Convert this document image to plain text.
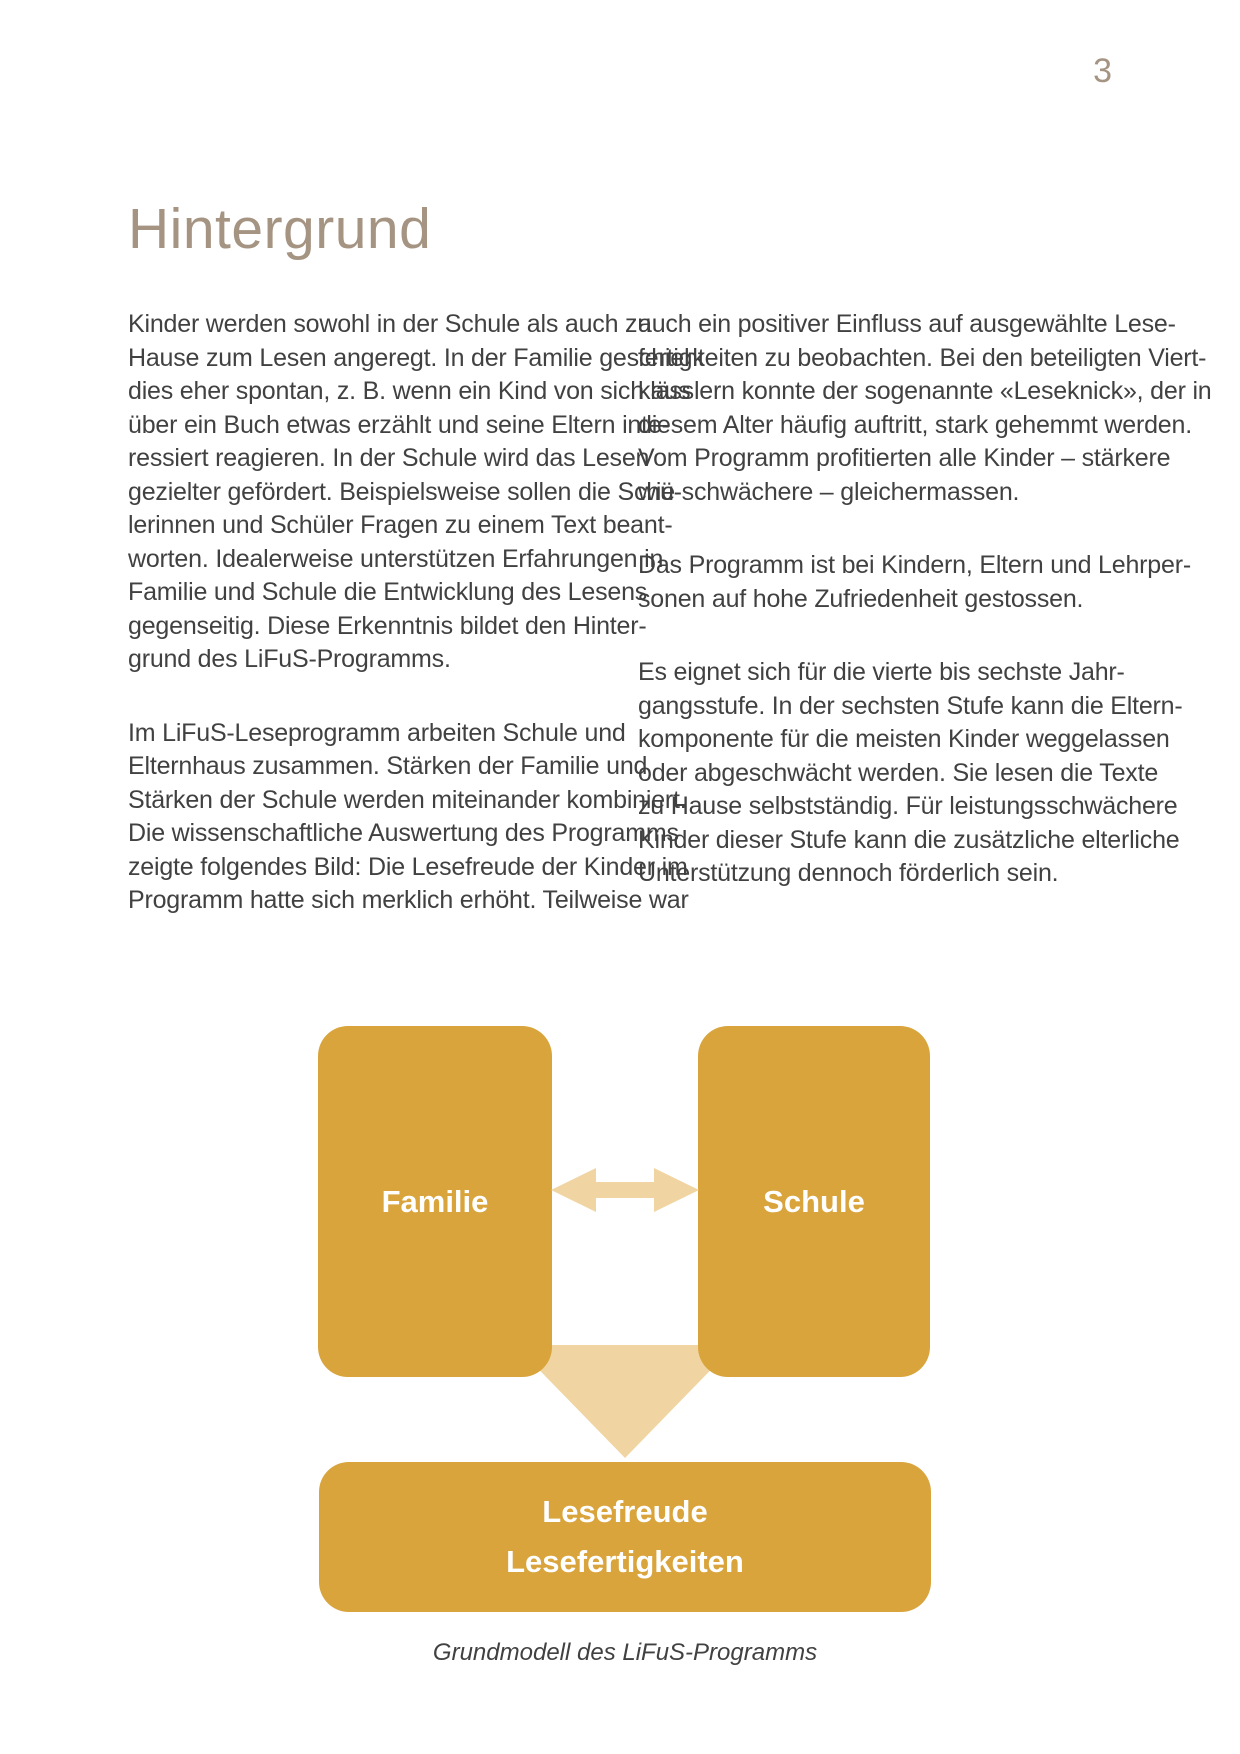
3
Hintergrund
Kinder werden sowohl in der Schule als auch zu
Hause zum Lesen angeregt. In der Familie geschieht
dies eher spontan, z. B. wenn ein Kind von sich aus
über ein Buch etwas erzählt und seine Eltern inte-
ressiert reagieren. In der Schule wird das Lesen
gezielter gefördert. Beispielsweise sollen die Schü-
lerinnen und Schüler Fragen zu einem Text beant-
worten. Idealerweise unterstützen Erfahrungen in
Familie und Schule die Entwicklung des Lesens
gegenseitig. Diese Erkenntnis bildet den Hinter-
grund des LiFuS-Programms.
Im LiFuS-Leseprogramm arbeiten Schule und
Elternhaus zusammen. Stärken der Familie und
Stärken der Schule werden miteinander kombiniert.
Die wissenschaftliche Auswertung des Programms
zeigte folgendes Bild: Die Lesefreude der Kinder im
Programm hatte sich merklich erhöht. Teilweise war
auch ein positiver Einfluss auf ausgewählte Lese-
fertigkeiten zu beobachten. Bei den beteiligten Viert-
klässlern konnte der sogenannte «Leseknick», der in
diesem Alter häufig auftritt, stark gehemmt werden.
Vom Programm profitierten alle Kinder – stärkere
wie schwächere – gleichermassen.
Das Programm ist bei Kindern, Eltern und Lehrper-
sonen auf hohe Zufriedenheit gestossen.
Es eignet sich für die vierte bis sechste Jahr-
gangsstufe. In der sechsten Stufe kann die Eltern-
komponente für die meisten Kinder weggelassen
oder abgeschwächt werden. Sie lesen die Texte
zu Hause selbstständig. Für leistungsschwächere
Kinder dieser Stufe kann die zusätzliche elterliche
Unterstützung dennoch förderlich sein.
Familie	Schule
Lesefreude
Lesefertigkeiten
Grundmodell des LiFuS-Programms
